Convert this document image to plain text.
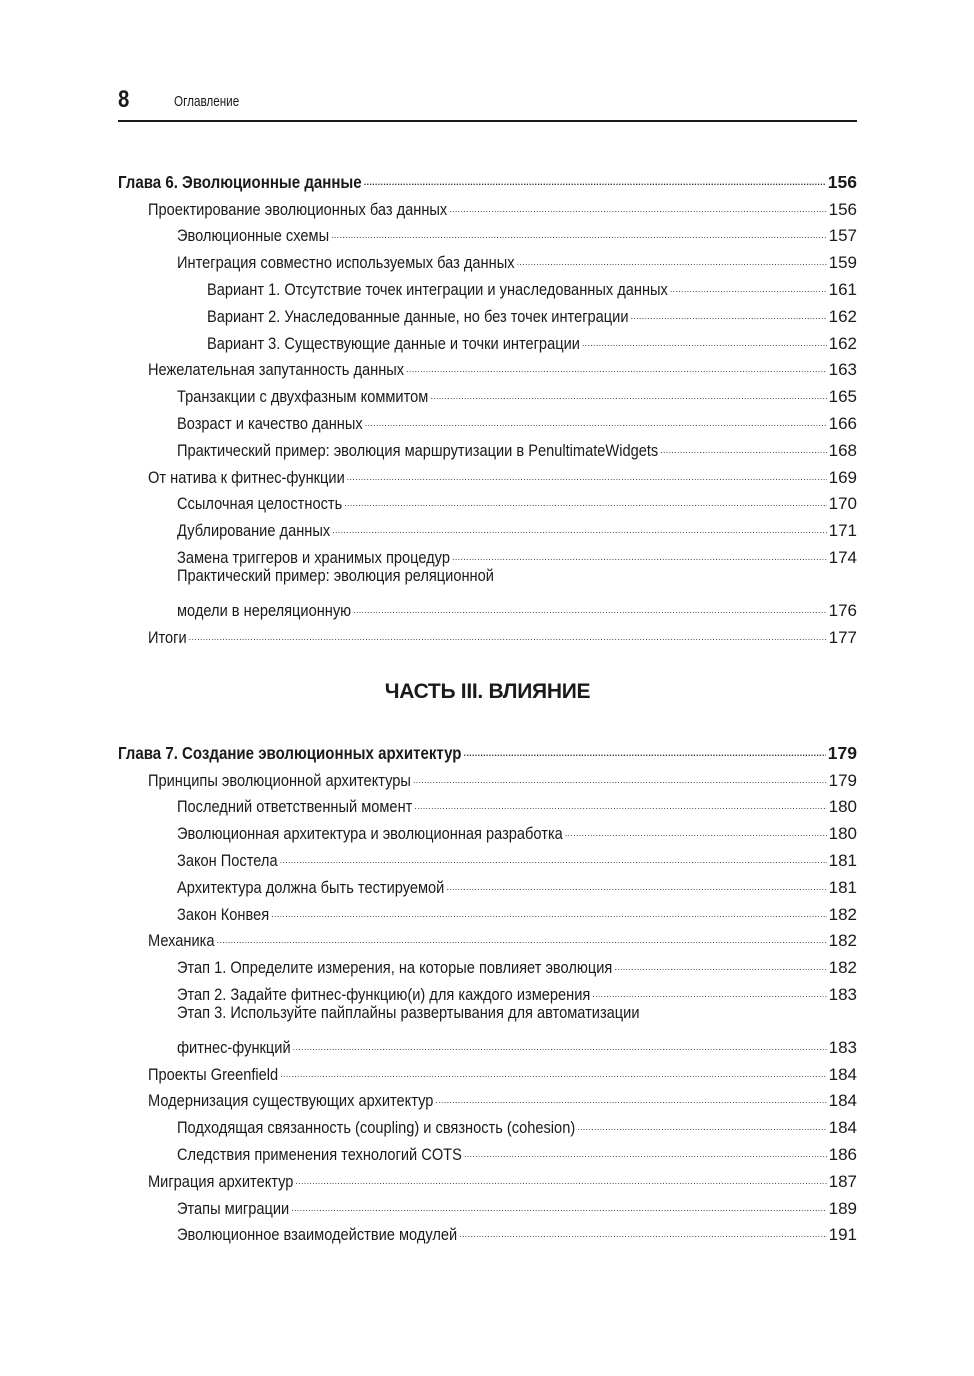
8	Оглавление
Глава 6. Эволюционные данные .....	156
Проектирование эволюционных баз данных .....	156
Эволюционные схемы .....	157
Интеграция совместно используемых баз данных .....	159
Вариант 1. Отсутствие точек интеграции и унаследованных данных .....	161
Вариант 2. Унаследованные данные, но без точек интеграции .....	162
Вариант 3. Существующие данные и точки интеграции .....	162
Нежелательная запутанность данных .....	163
Транзакции с двухфазным коммитом .....	165
Возраст и качество данных .....	166
Практический пример: эволюция маршрутизации в PenultimateWidgets .....	168
От натива к фитнес-функции .....	169
Ссылочная целостность .....	170
Дублирование данных .....	171
Замена триггеров и хранимых процедур .....	174
Практический пример: эволюция реляционной
модели в нереляционную .....	176
Итоги .....	177
ЧАСТЬ III. ВЛИЯНИЕ
Глава 7. Создание эволюционных архитектур .....	179
Принципы эволюционной архитектуры .....	179
Последний ответственный момент .....	180
Эволюционная архитектура и эволюционная разработка .....	180
Закон Постела .....	181
Архитектура должна быть тестируемой .....	181
Закон Конвея .....	182
Механика .....	182
Этап 1. Определите измерения, на которые повлияет эволюция .....	182
Этап 2. Задайте фитнес-функцию(и) для каждого измерения .....	183
Этап 3. Используйте пайплайны развертывания для автоматизации
фитнес-функций .....	183
Проекты Greenfield .....	184
Модернизация существующих архитектур .....	184
Подходящая связанность (coupling) и связность (cohesion) .....	184
Следствия применения технологий COTS .....	186
Миграция архитектур .....	187
Этапы миграции .....	189
Эволюционное взаимодействие модулей .....	191
